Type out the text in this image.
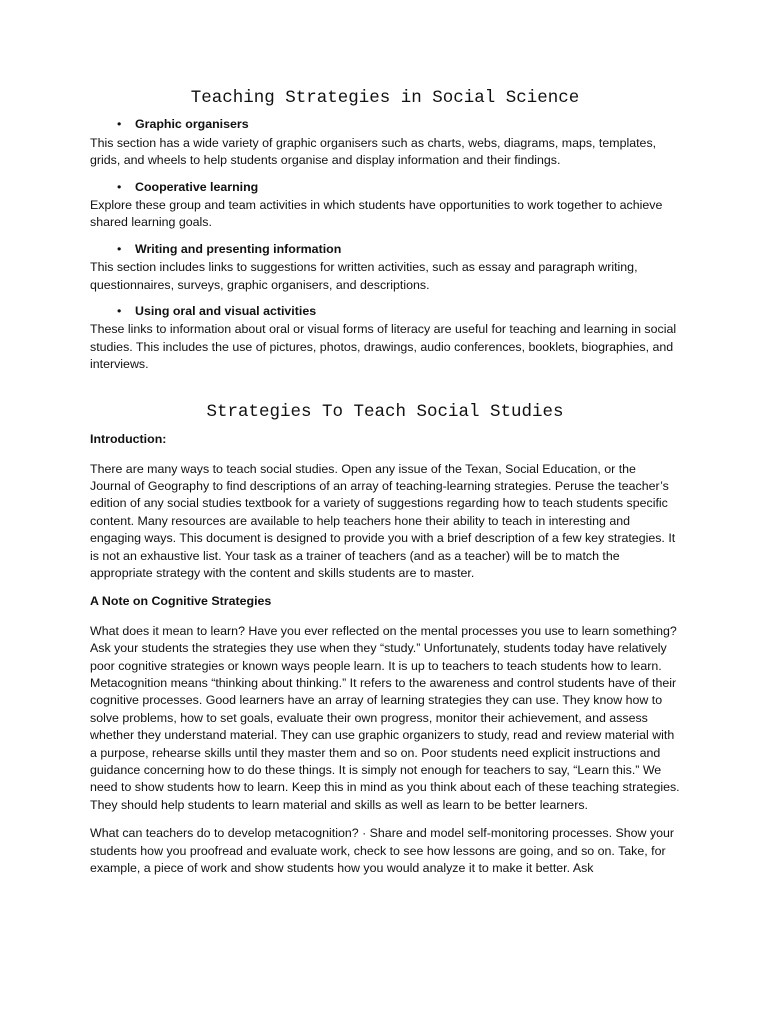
Teaching Strategies in Social Science
•	Graphic organisers

This section has a wide variety of graphic organisers such as charts, webs, diagrams, maps, templates, grids, and wheels to help students organise and display information and their findings.

•	Cooperative learning

Explore these group and team activities in which students have opportunities to work together to achieve shared learning goals.

•	Writing and presenting information

This section includes links to suggestions for written activities, such as essay and paragraph writing, questionnaires, surveys, graphic organisers, and descriptions.

•	Using oral and visual activities

These links to information about oral or visual forms of literacy are useful for teaching and learning in social studies. This includes the use of pictures, photos, drawings, audio conferences, booklets, biographies, and interviews.

Strategies To Teach Social Studies

Introduction:

There are many ways to teach social studies. Open any issue of the Texan, Social Education, or the Journal of Geography to find descriptions of an array of teaching-learning strategies. Peruse the teacher’s edition of any social studies textbook for a variety of suggestions regarding how to teach students specific content. Many resources are available to help teachers hone their ability to teach in interesting and engaging ways. This document is designed to provide you with a brief description of a few key strategies. It is not an exhaustive list. Your task as a trainer of teachers (and as a teacher) will be to match the appropriate strategy with the content and skills students are to master.

A Note on Cognitive Strategies

What does it mean to learn? Have you ever reflected on the mental processes you use to learn something? Ask your students the strategies they use when they “study.” Unfortunately, students today have relatively poor cognitive strategies or known ways people learn. It is up to teachers to teach students how to learn. Metacognition means “thinking about thinking.” It refers to the awareness and control students have of their cognitive processes. Good learners have an array of learning strategies they can use. They know how to solve problems, how to set goals, evaluate their own progress, monitor their achievement, and assess whether they understand material. They can use graphic organizers to study, read and review material with a purpose, rehearse skills until they master them and so on. Poor students need explicit instructions and guidance concerning how to do these things. It is simply not enough for teachers to say, “Learn this.” We need to show students how to learn. Keep this in mind as you think about each of these teaching strategies. They should help students to learn material and skills as well as learn to be better learners.

What can teachers do to develop metacognition? · Share and model self-monitoring processes. Show your students how you proofread and evaluate work, check to see how lessons are going, and so on. Take, for example, a piece of work and show students how you would analyze it to make it better. Ask
